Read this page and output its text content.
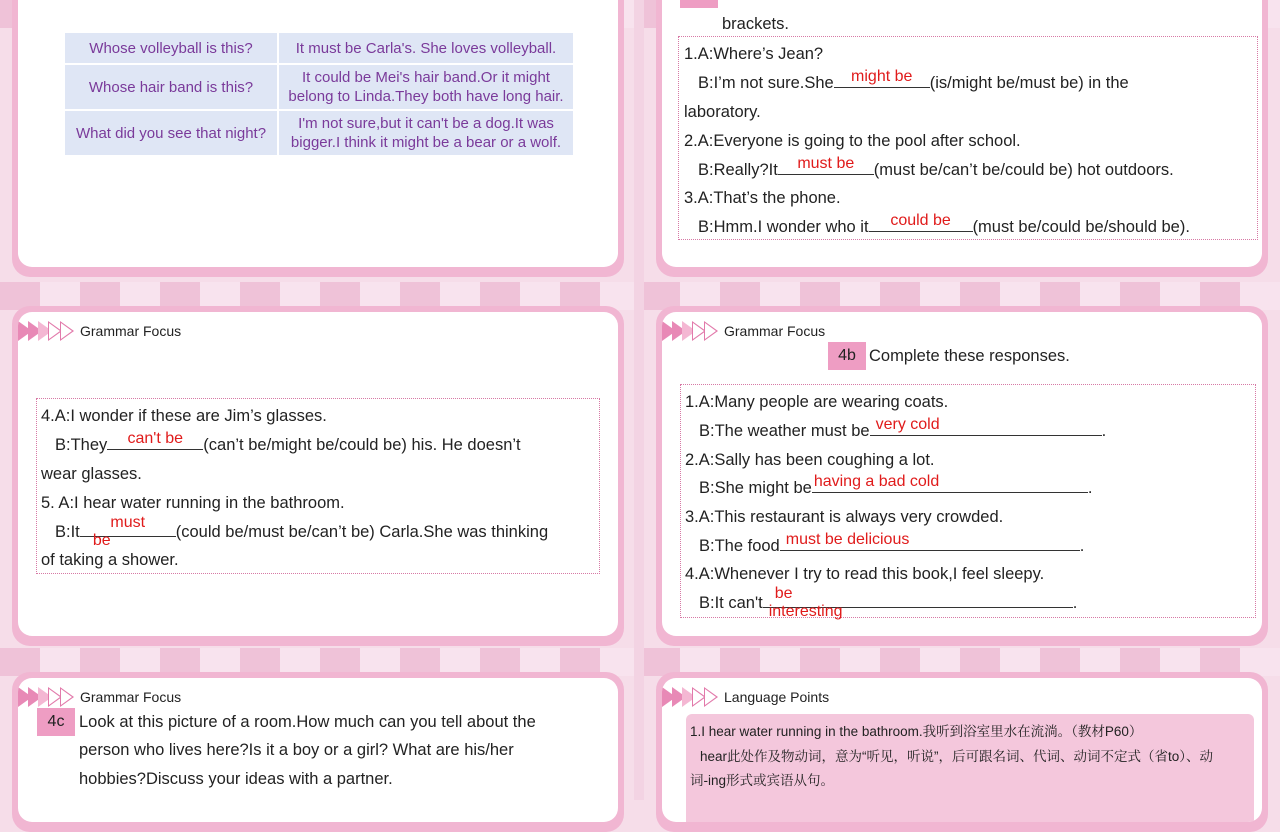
Whose volleyball is this?	It must be Carla's. She loves volleyball.
Whose hair band is this?	It could be Mei's hair band.Or it might
belong to Linda.They both have long hair.
What did you see that night?	I'm not sure,but it can't be a dog.It was
bigger.I think it might be a bear or a wolf.
brackets.
1.A:Where’s Jean?
B:I’m not sure.She	might be	(is/might be/must be) in the
laboratory.
2.A:Everyone is going to the pool after school.
B:Really?It	must be	(must be/can’t be/could be) hot outdoors.
3.A:That’s the phone.
B:Hmm.I wonder who it	could be	(must be/could be/should be).
Grammar Focus
4.A:I wonder if these are Jim’s glasses.
B:They	can't be	(can’t be/might be/could be) his. He doesn’t
wear glasses.
5. A:I hear water running in the bathroom.
B:It
must
be	(could be/must be/can’t be) Carla.She was thinking
of taking a shower.
Grammar Focus
4b Complete these responses.
1.A:Many people are wearing coats.
B:The weather must be very cold	.
2.A:Sally has been coughing a lot.
B:She might be having a bad cold	.
3.A:This restaurant is always very crowded.
B:The food must be delicious	.
4.A:Whenever I try to read this book,I feel sleepy.
B:It can't
be
interesting	.
Grammar Focus
4c Look at this picture of a room.How much can you tell about the
person who lives here?Is it a boy or a girl? What are his/her
hobbies?Discuss your ideas with a partner.
Language Points
1.I hear water running in the bathroom.我听到浴室里水在流淌。（教材P60）
hear此处作及物动词，意为“听见，听说”，后可跟名词、代词、动词不定式（省to）、动
词-ing形式或宾语从句。
